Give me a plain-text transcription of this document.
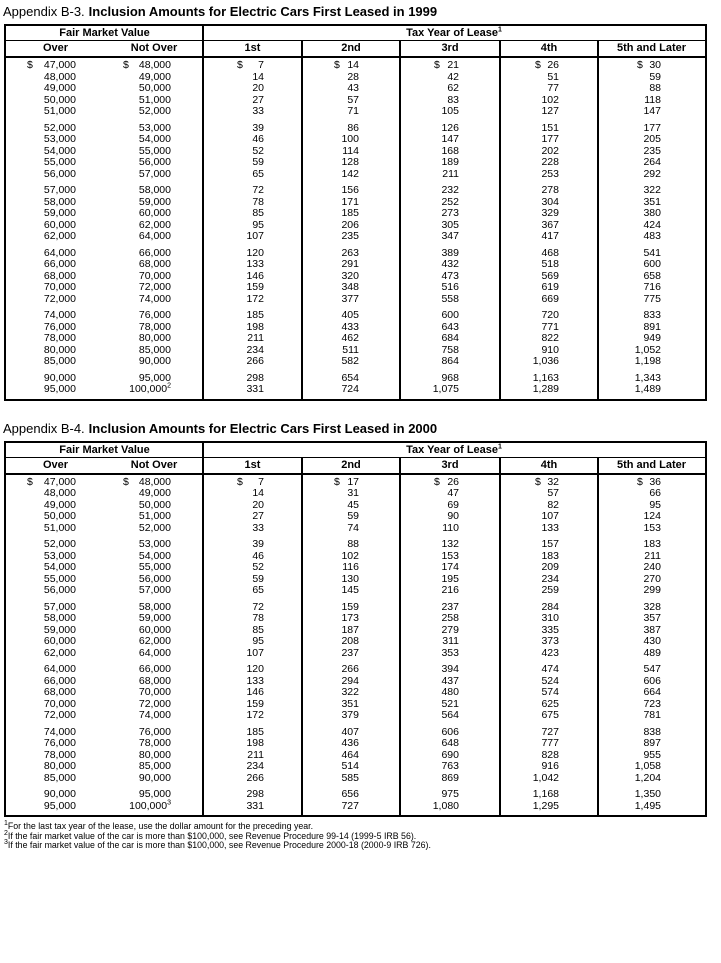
Appendix B-3. Inclusion Amounts for Electric Cars First Leased in 1999
Fair Market Value	Tax Year of Lease$^1$
Over	Not Over	1st	2nd	3rd	4th	5th and Later
$ 47,000	$ 48,000	$ 7	$ 14	$ 21	$ 26	$ 30
48,000	49,000	14	28	42	51	59
49,000	50,000	20	43	62	77	88
50,000	51,000	27	57	83	102	118
51,000	52,000	33	71	105	127	147
52,000	53,000	39	86	126	151	177
53,000	54,000	46	100	147	177	205
54,000	55,000	52	114	168	202	235
55,000	56,000	59	128	189	228	264
56,000	57,000	65	142	211	253	292
57,000	58,000	72	156	232	278	322
58,000	59,000	78	171	252	304	351
59,000	60,000	85	185	273	329	380
60,000	62,000	95	206	305	367	424
62,000	64,000	107	235	347	417	483
64,000	66,000	120	263	389	468	541
66,000	68,000	133	291	432	518	600
68,000	70,000	146	320	473	569	658
70,000	72,000	159	348	516	619	716
72,000	74,000	172	377	558	669	775
74,000	76,000	185	405	600	720	833
76,000	78,000	198	433	643	771	891
78,000	80,000	211	462	684	822	949
80,000	85,000	234	511	758	910	1,052
85,000	90,000	266	582	864	1,036	1,198
90,000	95,000	298	654	968	1,163	1,343
95,000	100,000$^2$	331	724	1,075	1,289	1,489
Appendix B-4. Inclusion Amounts for Electric Cars First Leased in 2000
Fair Market Value	Tax Year of Lease$^1$
Over	Not Over	1st	2nd	3rd	4th	5th and Later
$ 47,000	$ 48,000	$ 7	$ 17	$ 26	$ 32	$ 36
48,000	49,000	14	31	47	57	66
49,000	50,000	20	45	69	82	95
50,000	51,000	27	59	90	107	124
51,000	52,000	33	74	110	133	153
52,000	53,000	39	88	132	157	183
53,000	54,000	46	102	153	183	211
54,000	55,000	52	116	174	209	240
55,000	56,000	59	130	195	234	270
56,000	57,000	65	145	216	259	299
57,000	58,000	72	159	237	284	328
58,000	59,000	78	173	258	310	357
59,000	60,000	85	187	279	335	387
60,000	62,000	95	208	311	373	430
62,000	64,000	107	237	353	423	489
64,000	66,000	120	266	394	474	547
66,000	68,000	133	294	437	524	606
68,000	70,000	146	322	480	574	664
70,000	72,000	159	351	521	625	723
72,000	74,000	172	379	564	675	781
74,000	76,000	185	407	606	727	838
76,000	78,000	198	436	648	777	897
78,000	80,000	211	464	690	828	955
80,000	85,000	234	514	763	916	1,058
85,000	90,000	266	585	869	1,042	1,204
90,000	95,000	298	656	975	1,168	1,350
95,000	100,000$^3$	331	727	1,080	1,295	1,495
$^1$For the last tax year of the lease, use the dollar amount for the preceding year.
$^2$If the fair market value of the car is more than $100,000, see Revenue Procedure 99-14 (1999-5 IRB 56).
$^3$If the fair market value of the car is more than $100,000, see Revenue Procedure 2000-18 (2000-9 IRB 726).
